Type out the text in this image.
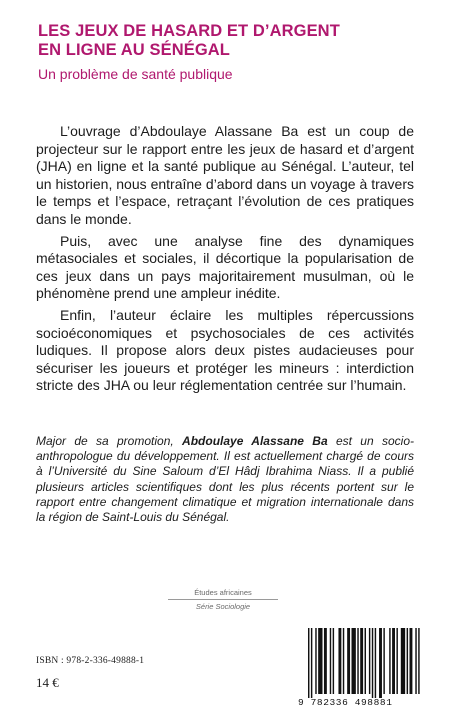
LES JEUX DE HASARD ET D’ARGENT
EN LIGNE AU SÉNÉGAL

Un problème de santé publique

L’ouvrage d’Abdoulaye Alassane Ba est un coup de projecteur sur le rapport entre les jeux de hasard et d’argent (JHA) en ligne et la santé publique au Sénégal. L’auteur, tel un historien, nous entraîne d’abord dans un voyage à travers le temps et l’espace, retraçant l’évolution de ces pratiques dans le monde.

Puis, avec une analyse fine des dynamiques métasociales et sociales, il décortique la popularisation de ces jeux dans un pays majoritairement musulman, où le phénomène prend une ampleur inédite.

Enfin, l’auteur éclaire les multiples répercussions socioéconomiques et psychosociales de ces activités ludiques. Il propose alors deux pistes audacieuses pour sécuriser les joueurs et protéger les mineurs : interdiction stricte des JHA ou leur réglementation centrée sur l’humain.

Major de sa promotion, Abdoulaye Alassane Ba est un socio-anthropologue du développement. Il est actuellement chargé de cours à l’Université du Sine Saloum d’El Hâdj Ibrahima Niass. Il a publié plusieurs articles scientifiques dont les plus récents portent sur le rapport entre changement climatique et migration internationale dans la région de Saint-Louis du Sénégal.

Études africaines
Série Sociologie
ISBN : 978-2-336-49888-1
14 €
9 782336 498881
